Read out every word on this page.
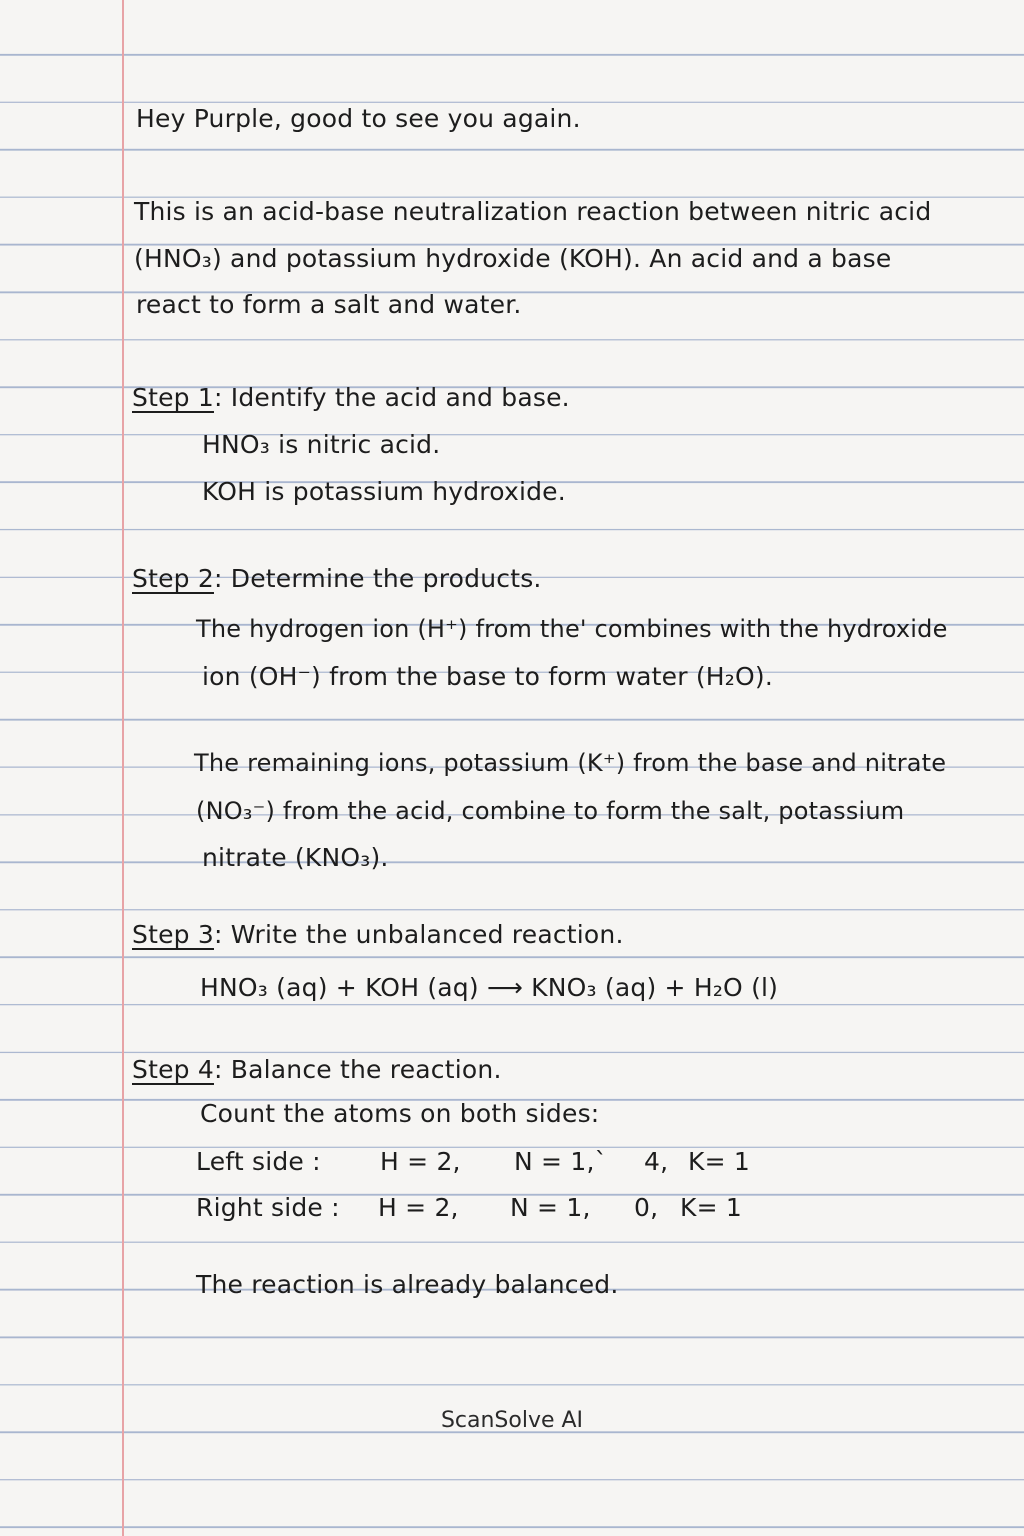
Hey Purple, good to see you again.
This is an acid-base neutralization reaction between nitric acid
(HNO₃) and potassium hydroxide (KOH). An acid and a base
react to form a salt and water.
Step 1: Identify the acid and base.
HNO₃ is nitric acid.
KOH is potassium hydroxide.
Step 2: Determine the products.
The hydrogen ion (H⁺) from the' combines with the hydroxide
ion (OH⁻) from the base to form water (H₂O).
The remaining ions, potassium (K⁺) from the base and nitrate
(NO₃⁻) from the acid, combine to form the salt, potassium
nitrate (KNO₃).
Step 3: Write the unbalanced reaction.
HNO₃ (aq) + KOH (aq) ⟶ KNO₃ (aq) + H₂O (l)
Step 4: Balance the reaction.
Count the atoms on both sides:
Left side : H = 2, N = 1,` 4, K= 1
Right side : H = 2, N = 1, 0, K= 1
The reaction is already balanced.
ScanSolve AI
